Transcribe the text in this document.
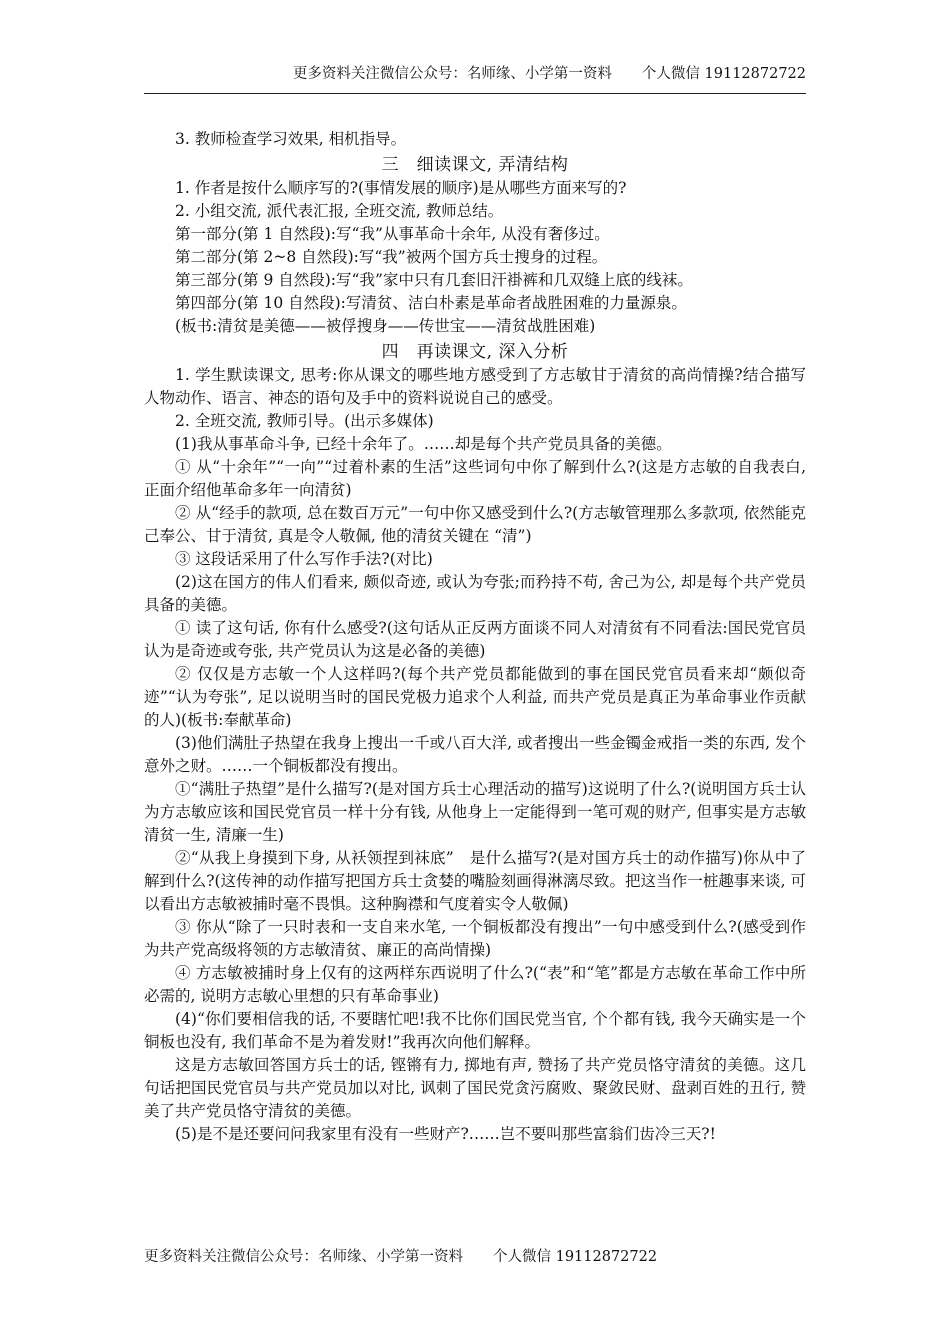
更多资料关注微信公众号：名师缘、小学第一资料 个人微信 19112872722

3. 教师检查学习效果, 相机指导。

三　细读课文, 弄清结构

1. 作者是按什么顺序写的?(事情发展的顺序)是从哪些方面来写的?

2. 小组交流, 派代表汇报, 全班交流, 教师总结。

第一部分(第 1 自然段):写“我”从事革命十余年, 从没有奢侈过。

第二部分(第 2~8 自然段):写“我”被两个国方兵士搜身的过程。

第三部分(第 9 自然段):写“我”家中只有几套旧汗褂裤和几双缝上底的线袜。

第四部分(第 10 自然段):写清贫、洁白朴素是革命者战胜困难的力量源泉。

(板书:清贫是美德——被俘搜身——传世宝——清贫战胜困难)

四　再读课文, 深入分析

1. 学生默读课文, 思考:你从课文的哪些地方感受到了方志敏甘于清贫的高尚情操?结合描写人物动作、语言、神态的语句及手中的资料说说自己的感受。

2. 全班交流, 教师引导。(出示多媒体)

(1)我从事革命斗争, 已经十余年了。……却是每个共产党员具备的美德。

① 从“十余年”“一向”“过着朴素的生活”这些词句中你了解到什么?(这是方志敏的自我表白, 正面介绍他革命多年一向清贫)

② 从“经手的款项, 总在数百万元”一句中你又感受到什么?(方志敏管理那么多款项, 依然能克己奉公、甘于清贫, 真是令人敬佩, 他的清贫关键在 “清”)

③ 这段话采用了什么写作手法?(对比)

(2)这在国方的伟人们看来, 颇似奇迹, 或认为夸张;而矜持不苟, 舍己为公, 却是每个共产党员具备的美德。

① 读了这句话, 你有什么感受?(这句话从正反两方面谈不同人对清贫有不同看法:国民党官员认为是奇迹或夸张, 共产党员认为这是必备的美德)

② 仅仅是方志敏一个人这样吗?(每个共产党员都能做到的事在国民党官员看来却“颇似奇迹”“认为夸张”, 足以说明当时的国民党极力追求个人利益, 而共产党员是真正为革命事业作贡献的人)(板书:奉献革命)

(3)他们满肚子热望在我身上搜出一千或八百大洋, 或者搜出一些金镯金戒指一类的东西, 发个意外之财。……一个铜板都没有搜出。

①“满肚子热望”是什么描写?(是对国方兵士心理活动的描写)这说明了什么?(说明国方兵士认为方志敏应该和国民党官员一样十分有钱, 从他身上一定能得到一笔可观的财产, 但事实是方志敏清贫一生, 清廉一生)

②“从我上身摸到下身, 从袄领捏到袜底”　是什么描写?(是对国方兵士的动作描写)你从中了解到什么?(这传神的动作描写把国方兵士贪婪的嘴脸刻画得淋漓尽致。把这当作一桩趣事来谈, 可以看出方志敏被捕时毫不畏惧。这种胸襟和气度着实令人敬佩)

③ 你从“除了一只时表和一支自来水笔, 一个铜板都没有搜出”一句中感受到什么?(感受到作为共产党高级将领的方志敏清贫、廉正的高尚情操)

④ 方志敏被捕时身上仅有的这两样东西说明了什么?(“表”和“笔”都是方志敏在革命工作中所必需的, 说明方志敏心里想的只有革命事业)

(4)“你们要相信我的话, 不要瞎忙吧!我不比你们国民党当官, 个个都有钱, 我今天确实是一个铜板也没有, 我们革命不是为着发财!”我再次向他们解释。

这是方志敏回答国方兵士的话, 铿锵有力, 掷地有声, 赞扬了共产党员恪守清贫的美德。这几句话把国民党官员与共产党员加以对比, 讽刺了国民党贪污腐败、聚敛民财、盘剥百姓的丑行, 赞美了共产党员恪守清贫的美德。

(5)是不是还要问问我家里有没有一些财产?……岂不要叫那些富翁们齿冷三天?!

更多资料关注微信公众号：名师缘、小学第一资料 个人微信 19112872722
